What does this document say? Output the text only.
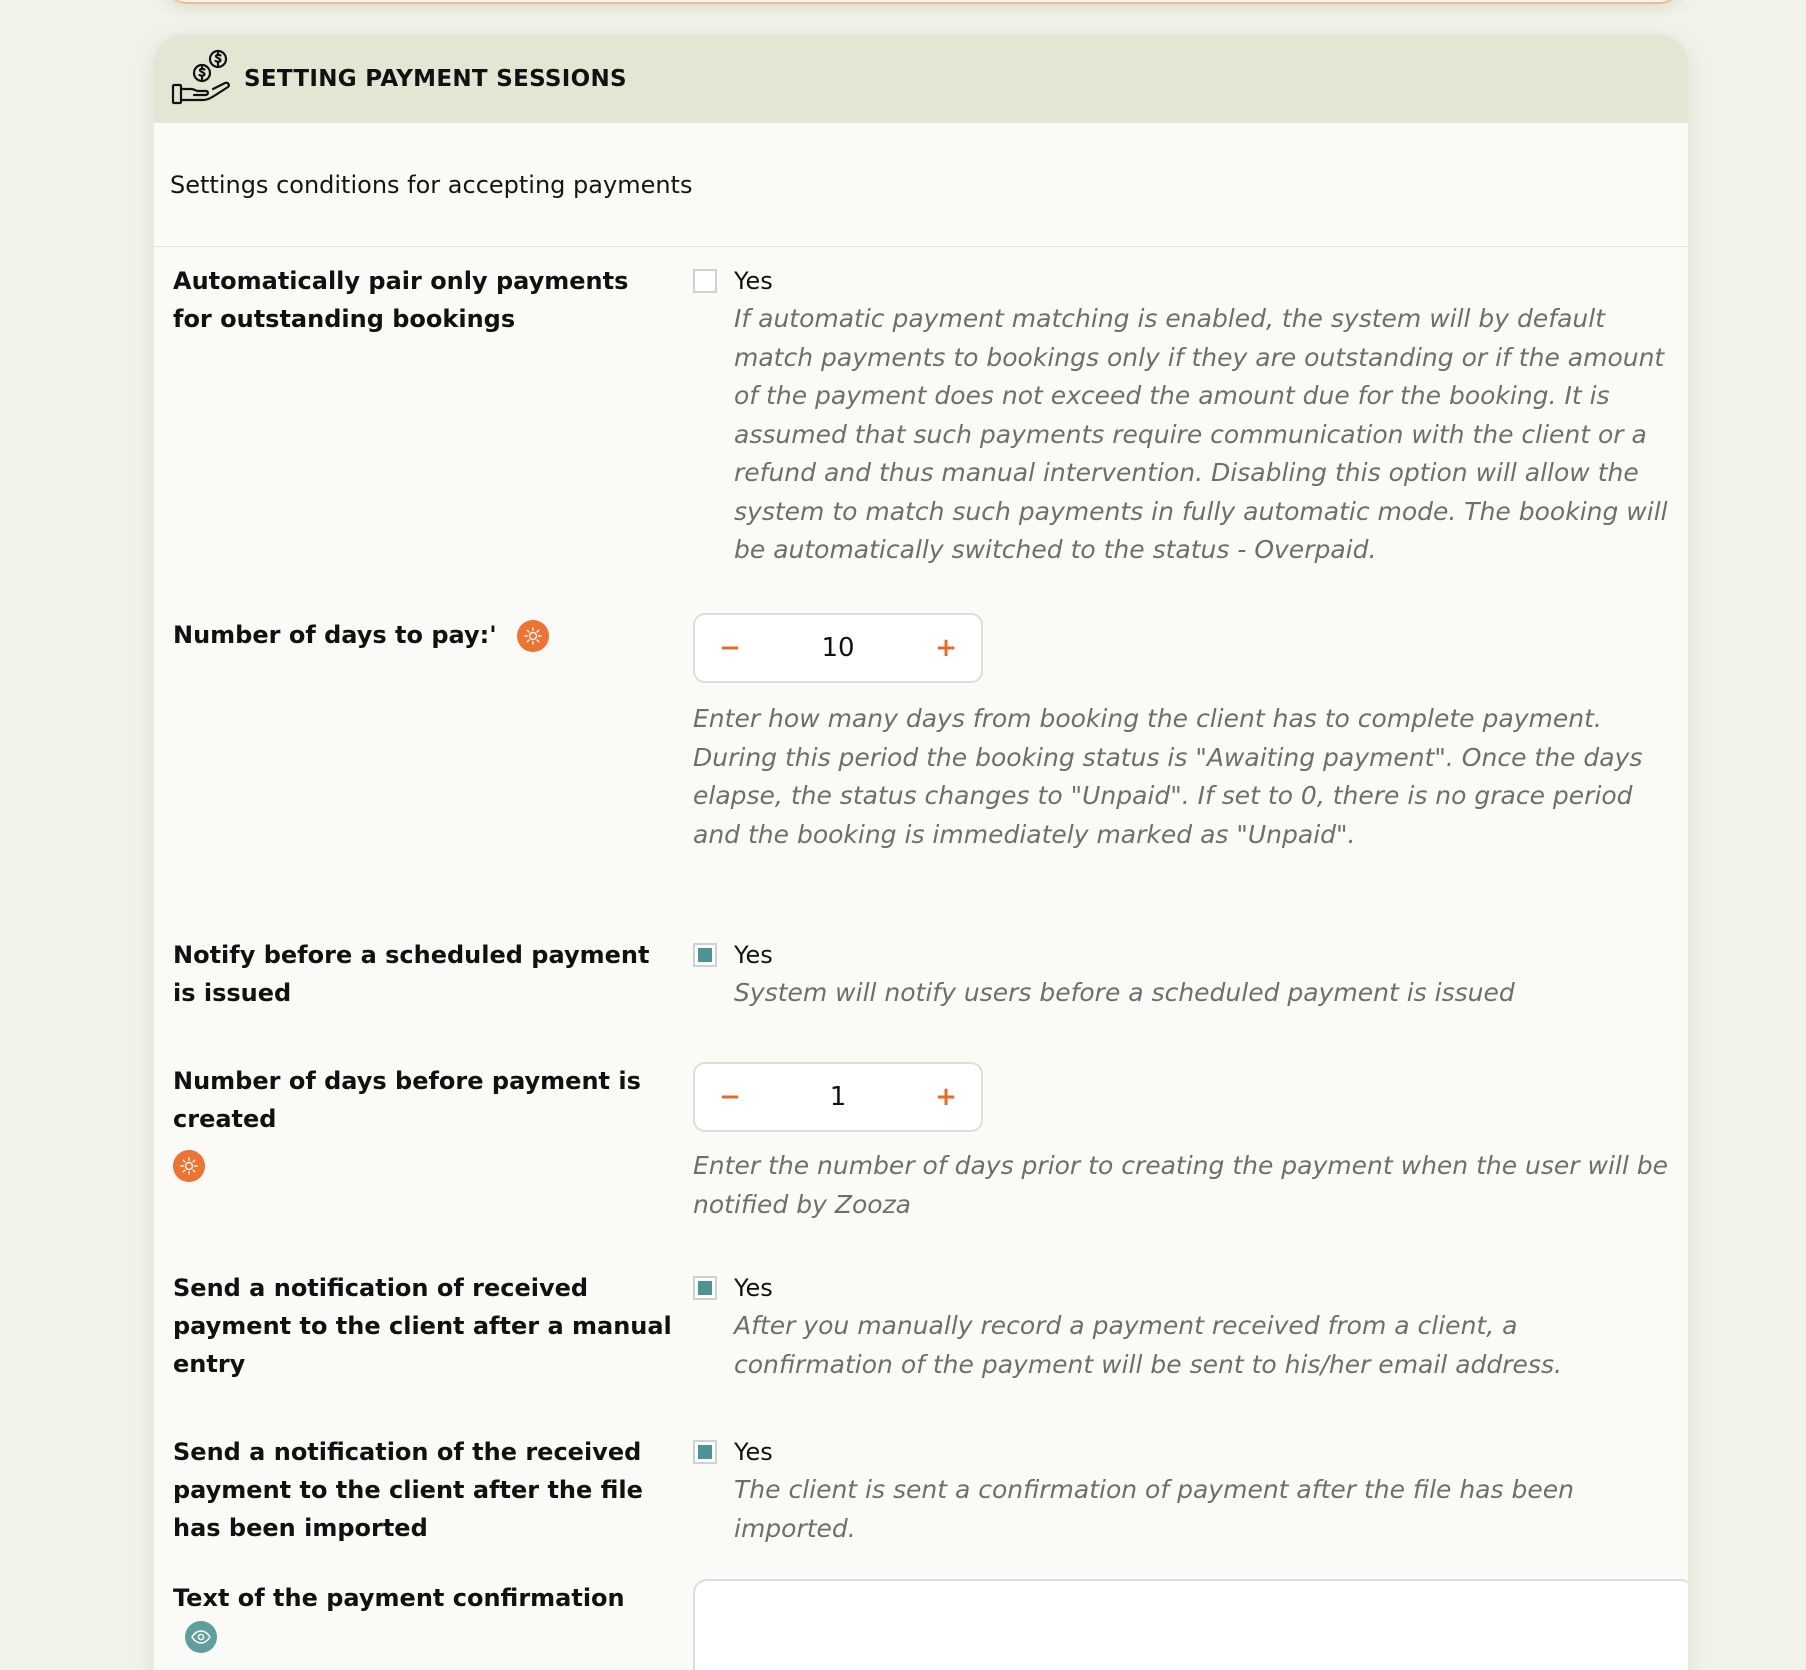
SETTING PAYMENT SESSIONS
Settings conditions for accepting payments
Automatically pair only payments for outstanding bookings
Yes
If automatic payment matching is enabled, the system will by default match payments to bookings only if they are outstanding or if the amount of the payment does not exceed the amount due for the booking. It is assumed that such payments require communication with the client or a refund and thus manual intervention. Disabling this option will allow the system to match such payments in fully automatic mode. The booking will be automatically switched to the status - Overpaid.
Number of days to pay:'	−	10	+
Enter how many days from booking the client has to complete payment. During this period the booking status is "Awaiting payment". Once the days elapse, the status changes to "Unpaid". If set to 0, there is no grace period and the booking is immediately marked as "Unpaid".
Notify before a scheduled payment is issued
Yes
System will notify users before a scheduled payment is issued
Number of days before payment is created
−	1	+
Enter the number of days prior to creating the payment when the user will be notified by Zooza
Send a notification of received payment to the client after a manual entry
Yes
After you manually record a payment received from a client, a confirmation of the payment will be sent to his/her email address.
Send a notification of the received payment to the client after the file has been imported
Yes
The client is sent a confirmation of payment after the file has been imported.
Text of the payment confirmation
